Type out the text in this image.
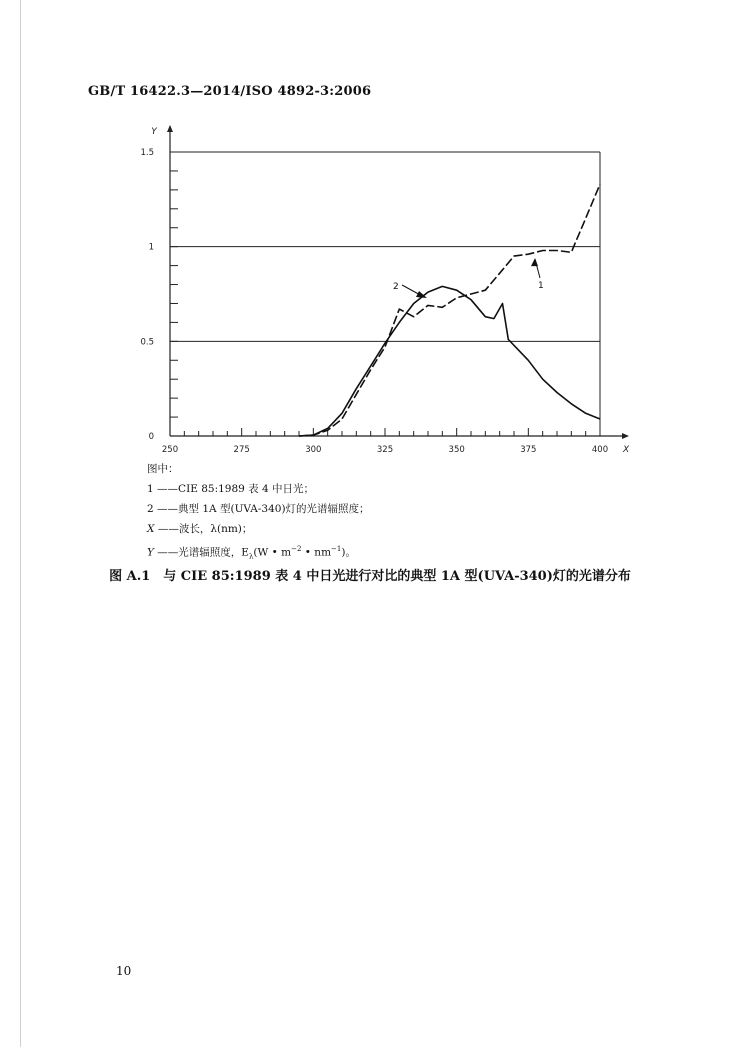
GB/T 16422.3—2014/ISO 4892-3:2006
250	275	300	325	350	375	400
0
0.5
1
1.5
X
Y
1
2
图中：
1 ——CIE 85:1989 表 4 中日光；
2 ——典型 1A 型(UVA-340)灯的光谱辐照度；
X ——波长，λ(nm)；
Y ——光谱辐照度，$E_\lambda(W$ • $m^{-2}$ • $nm^{-1}$)。
图 A.1　与 CIE 85:1989 表 4 中日光进行对比的典型 1A 型(UVA-340)灯的光谱分布
10
